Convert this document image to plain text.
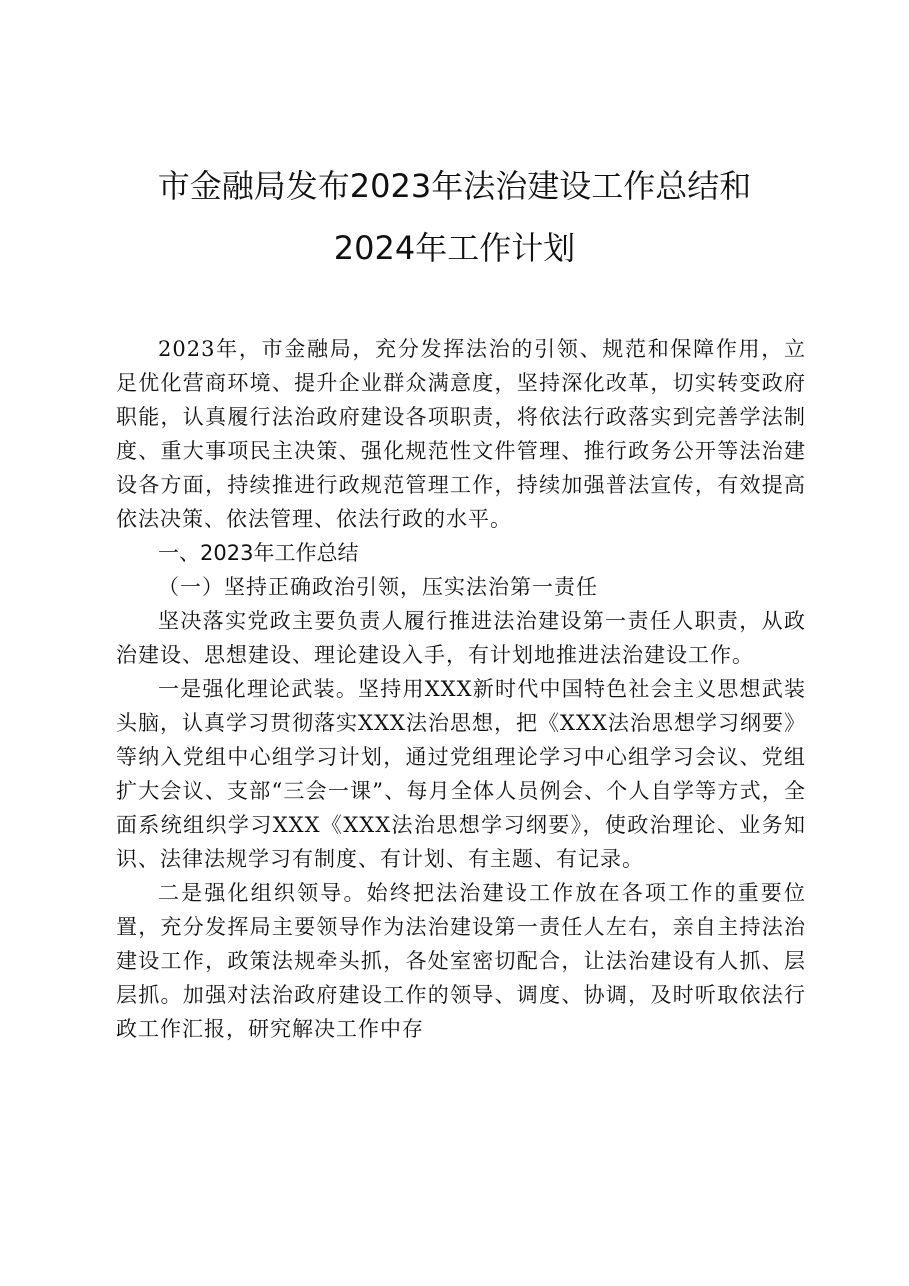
市金融局发布2023年法治建设工作总结和
2024年工作计划

2023年，市金融局，充分发挥法治的引领、规范和保障作用，立足优化营商环境、提升企业群众满意度，坚持深化改革，切实转变政府职能，认真履行法治政府建设各项职责，将依法行政落实到完善学法制度、重大事项民主决策、强化规范性文件管理、推行政务公开等法治建设各方面，持续推进行政规范管理工作，持续加强普法宣传，有效提高依法决策、依法管理、依法行政的水平。

一、2023年工作总结

（一）坚持正确政治引领，压实法治第一责任

坚决落实党政主要负责人履行推进法治建设第一责任人职责，从政治建设、思想建设、理论建设入手，有计划地推进法治建设工作。

一是强化理论武装。坚持用XXX新时代中国特色社会主义思想武装头脑，认真学习贯彻落实XXX法治思想，把《XXX法治思想学习纲要》等纳入党组中心组学习计划，通过党组理论学习中心组学习会议、党组扩大会议、支部“三会一课”、每月全体人员例会、个人自学等方式，全面系统组织学习XXX《XXX法治思想学习纲要》，使政治理论、业务知识、法律法规学习有制度、有计划、有主题、有记录。

二是强化组织领导。始终把法治建设工作放在各项工作的重要位置，充分发挥局主要领导作为法治建设第一责任人左右，亲自主持法治建设工作，政策法规牵头抓，各处室密切配合，让法治建设有人抓、层层抓。加强对法治政府建设工作的领导、调度、协调，及时听取依法行政工作汇报，研究解决工作中存
